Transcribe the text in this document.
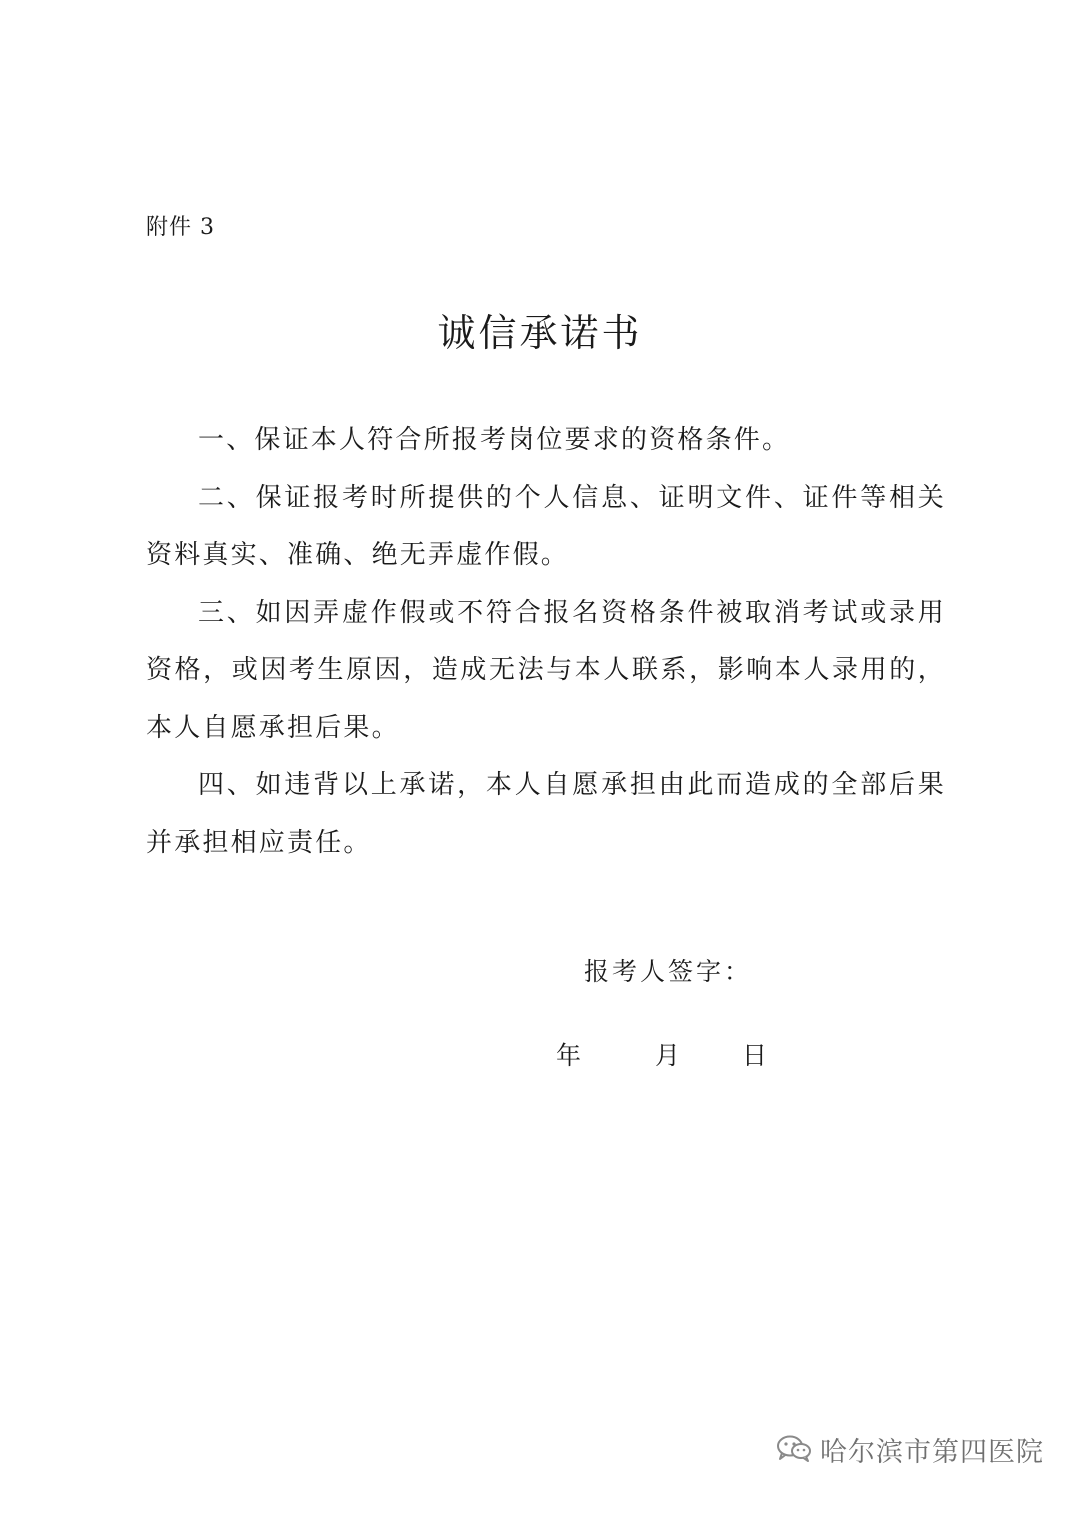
附件 3
诚信承诺书

一、保证本人符合所报考岗位要求的资格条件。

二、保证报考时所提供的个人信息、证明文件、证件等相关资料真实、准确、绝无弄虚作假。

三、如因弄虚作假或不符合报名资格条件被取消考试或录用资格，或因考生原因，造成无法与本人联系，影响本人录用的，本人自愿承担后果。

四、如违背以上承诺，本人自愿承担由此而造成的全部后果并承担相应责任。

报考人签字：
年	月 日
哈尔滨市第四医院
